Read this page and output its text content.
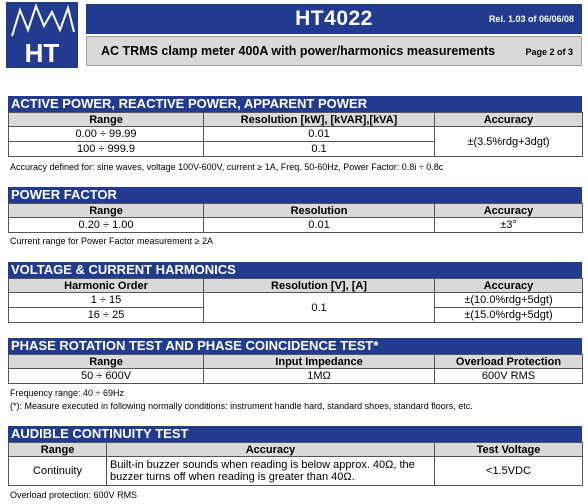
HT
HT4022	Rel. 1.03 of 06/06/08
AC TRMS clamp meter 400A with power/harmonics measurements	Page 2 of 3
ACTIVE POWER, REACTIVE POWER, APPARENT POWER
Range	Resolution [kW], [kVAR],[kVA]	Accuracy
0.00 ÷ 99.99	0.01	±(3.5%rdg+3dgt)
100 ÷ 999.9	0.1	
Accuracy defined for: sine waves, voltage 100V-600V, current ≥ 1A, Freq. 50-60Hz, Power Factor: 0.8i ÷ 0.8c
POWER FACTOR
Range	Resolution	Accuracy
0.20 ÷ 1.00	0.01	±3°
Current range for Power Factor measurement ≥ 2A
VOLTAGE & CURRENT HARMONICS
Harmonic Order	Resolution [V], [A]	Accuracy
1 ÷ 15	0.1	±(10.0%rdg+5dgt)
16 ÷ 25		±(15.0%rdg+5dgt)
PHASE ROTATION TEST AND PHASE COINCIDENCE TEST*
Range	Input Impedance	Overload Protection
50 ÷ 600V	1MΩ	600V RMS
Frequency range: 40 ÷ 69Hz
(*): Measure executed in following normally conditions: instrument handle hard, standard shoes, standard floors, etc.
AUDIBLE CONTINUITY TEST
Range	Accuracy	Test Voltage
Continuity	Built-in buzzer sounds when reading is below approx. 40Ω, the buzzer turns off when reading is greater than 40Ω.	<1.5VDC
Overload protection: 600V RMS
